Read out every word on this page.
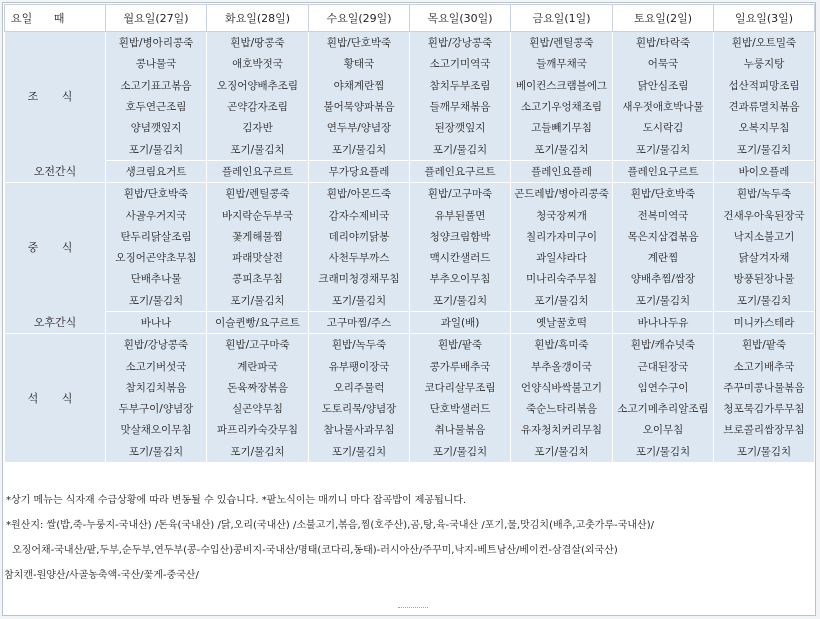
요일 때	월요일(27일)	화요일(28일)	수요일(29일)	목요일(30일)	금요일(1일)	토요일(2일)	일요일(3일)
조 식	흰밥/병아리콩죽	흰밥/땅콩죽	흰밥/단호박죽	흰밥/강낭콩죽	흰밥/렌틸콩죽	흰밥/타락죽	흰밥/오트밀죽
	콩나물국	애호박젓국	황태국	소고기미역국	들깨무채국	어묵국	누룽지탕
	소고기표고볶음	오징어양배추조림	야채계란찜	참치두부조림	베이컨스크램블에그	닭안심조림	섭산적피망조림
	호두연근조림	곤약감자조림	불어묵양파볶음	들깨무채볶음	소고기우엉채조림	새우젓애호박나물	견과류멸치볶음
	양념깻잎지	김자반	연두부/양념장	된장깻잎지	고들빼기무침	도시락김	오복지무침
	포기/물김치	포기/물김치	포기/물김치	포기/물김치	포기/물김치	포기/물김치	포기/물김치
오전간식	생크림요거트	플레인요구르트	무가당요플레	플레인요구르트	플레인요플레	플레인요구르트	바이오플레
중 식	흰밥/단호박죽	흰밥/렌틸콩죽	흰밥/아몬드죽	흰밥/고구마죽	곤드레밥/병아리콩죽	흰밥/단호박죽	흰밥/녹두죽
	사골우거지국	바지락순두부국	감자수제비국	유부된풀면	청국장찌개	전복미역국	건새우아욱된장국
	탄두리닭살조림	꽃게해물찜	데리야끼닭봉	청양크림함박	칠리가자미구이	목은지삼겹볶음	낙지소불고기
	오징어곤약초무침	파래맛살전	사천두부까스	맥시칸샐러드	과일샤라다	계란찜	닭살겨자채
	단배추나물	콩피초무침	크래미청경채무침	부추오이무침	미나리숙주무침	양배추찜/쌈장	방풍된장나물
	포기/물김치	포기/물김치	포기/물김치	포기/물김치	포기/물김치	포기/물김치	포기/물김치
오후간식	바나나	이슬퀸빵/요구르트	고구마찜/주스	과일(배)	옛날꿀호떡	바나나두유	미니카스테라
석 식	흰밥/강낭콩죽	흰밥/고구마죽	흰밥/녹두죽	흰밥/팥죽	흰밥/흑미죽	흰밥/캐슈넛죽	흰밥/팥죽
	소고기버섯국	계란파국	유부팽이장국	콩가루배추국	부추올갱이국	근대된장국	소고기배추국
	참치김치볶음	돈육짜장볶음	오리주물럭	코다리살무조림	언양식바싹불고기	임연수구이	주꾸미콩나물볶음
	두부구이/양념장	실곤약무침	도토리묵/양념장	단호박샐러드	죽순느타리볶음	소고기메추리알조림	청포묵김가루무침
	맛살채오이무침	파프리카숙갓무침	참나물사과무침	취나물볶음	유자청치커리무침	오이무침	브로콜리쌈장무침
	포기/물김치	포기/물김치	포기/물김치	포기/물김치	포기/물김치	포기/물김치	포기/물김치

*상기 메뉴는 식자재 수급상황에 따라 변동될 수 있습니다. *팥노식이는 매끼니 마다 잡곡밥이 제공됩니다.

*원산지: 쌀(밥,죽-누룽지-국내산) /돈육(국내산) /닭,오리(국내산) /소불고기,볶음,찜(호주산),곰,탕,육-국내산 /포기,물,맛김치(배추,고춧가루-국내산)/

오징어채-국내산/팥,두부,순두부,연두부(콩-수입산)콩비지-국내산/명태(코다리,동태)-러시아산/주꾸미,낙지-베트남산/베이컨-삼겹살(외국산)

참치캔-원양산/사골농축액-국산/꽃게-중국산/
